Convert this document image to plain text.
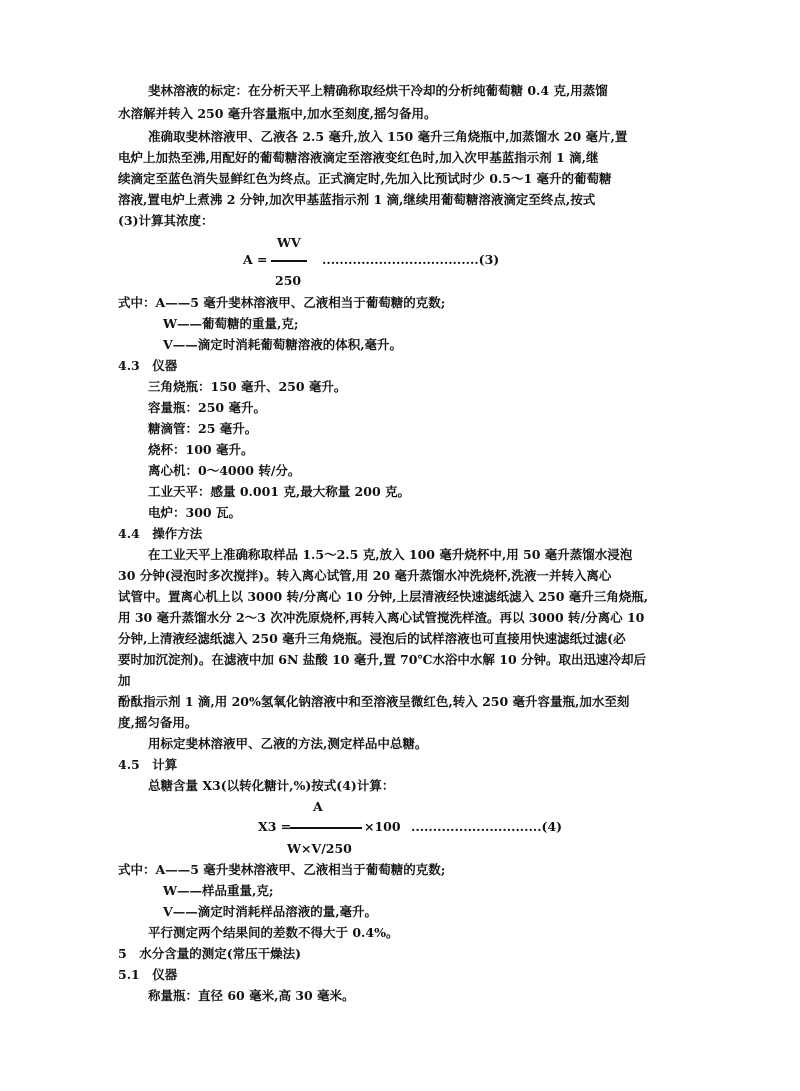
斐林溶液的标定：在分析天平上精确称取经烘干冷却的分析纯葡萄糖 0.4 克,用蒸馏
水溶解并转入 250 毫升容量瓶中,加水至刻度,摇匀备用。
准确取斐林溶液甲、乙液各 2.5 毫升,放入 150 毫升三角烧瓶中,加蒸馏水 20 毫片,置
电炉上加热至沸,用配好的葡萄糖溶液滴定至溶液变红色时,加入次甲基蓝指示剂 1 滴,继
续滴定至蓝色消失显鲜红色为终点。正式滴定时,先加入比预试时少 0.5～1 毫升的葡萄糖
溶液,置电炉上煮沸 2 分钟,加次甲基蓝指示剂 1 滴,继续用葡萄糖溶液滴定至终点,按式
(3)计算其浓度：
WV
A =	....................................(3)
250
式中：A——5 毫升斐林溶液甲、乙液相当于葡萄糖的克数;
W——葡萄糖的重量,克;
V——滴定时消耗葡萄糖溶液的体积,毫升。
4.3　仪器
三角烧瓶：150 毫升、250 毫升。
容量瓶：250 毫升。
糖滴管：25 毫升。
烧杯：100 毫升。
离心机：0～4000 转/分。
工业天平：感量 0.001 克,最大称量 200 克。
电炉：300 瓦。
4.4　操作方法
在工业天平上准确称取样品 1.5～2.5 克,放入 100 毫升烧杯中,用 50 毫升蒸馏水浸泡
30 分钟(浸泡时多次搅拌)。转入离心试管,用 20 毫升蒸馏水冲洗烧杯,洗液一并转入离心
试管中。置离心机上以 3000 转/分离心 10 分钟,上层清液经快速滤纸滤入 250 毫升三角烧瓶,
用 30 毫升蒸馏水分 2～3 次冲洗原烧杯,再转入离心试管搅洗样渣。再以 3000 转/分离心 10
分钟,上清液经滤纸滤入 250 毫升三角烧瓶。浸泡后的试样溶液也可直接用快速滤纸过滤(必
要时加沉淀剂)。在滤液中加 6N 盐酸 10 毫升,置 70℃水浴中水解 10 分钟。取出迅速冷却后
加
酚酞指示剂 1 滴,用 20%氢氧化钠溶液中和至溶液呈微红色,转入 250 毫升容量瓶,加水至刻
度,摇匀备用。
用标定斐林溶液甲、乙液的方法,测定样品中总糖。
4.5　计算
总糖含量 X3(以转化糖计,%)按式(4)计算：
A
X3 =	×100 ..............................(4)
W×V/250
式中：A——5 毫升斐林溶液甲、乙液相当于葡萄糖的克数;
W——样品重量,克;
V——滴定时消耗样品溶液的量,毫升。
平行测定两个结果间的差数不得大于 0.4%。
5　水分含量的测定(常压干燥法)
5.1　仪器
称量瓶：直径 60 毫米,高 30 毫米。
